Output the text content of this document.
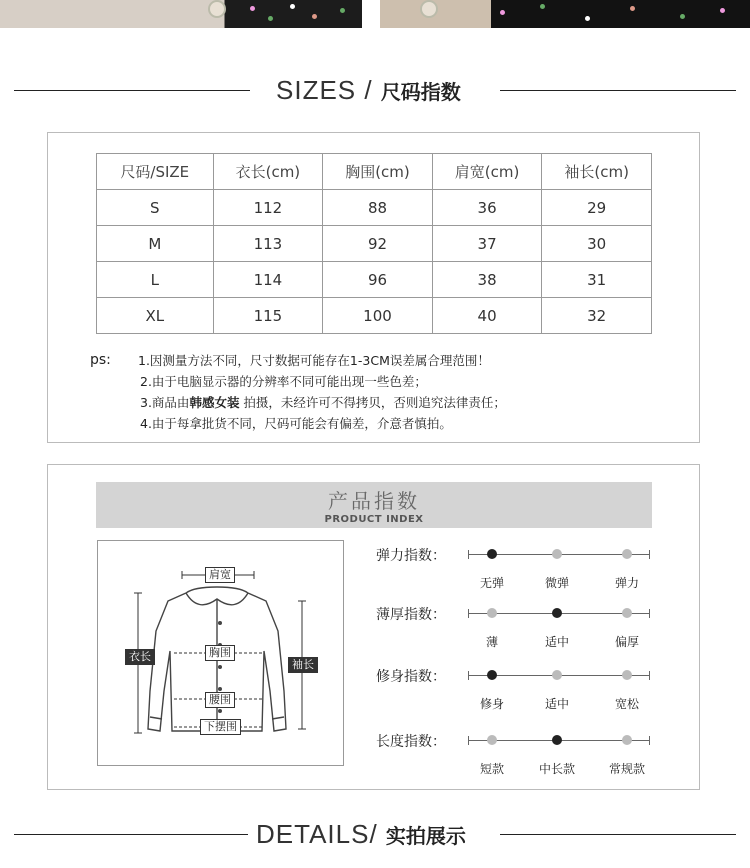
SIZES / 尺码指数
尺码/SIZE	衣长(cm)	胸围(cm)	肩宽(cm)	袖长(cm)
S	112	88	36	29
M	113	92	37	30
L	114	96	38	31
XL	115	100	40	32
ps: 1.因测量方法不同，尺寸数据可能存在1-3CM误差属合理范围！
2.由于电脑显示器的分辨率不同可能出现一些色差；
3.商品由韩感女装 拍摄，未经许可不得拷贝，否则追究法律责任；
4.由于每拿批货不同，尺码可能会有偏差，介意者慎拍。
产品指数
PRODUCT INDEX
肩宽
衣长	胸围
袖长
腰围
下摆围
弹力指数：
无弹	微弹	弹力
薄厚指数：
薄	适中	偏厚
修身指数：
修身	适中	宽松
长度指数：
短款	中长款	常规款
DETAILS/ 实拍展示
